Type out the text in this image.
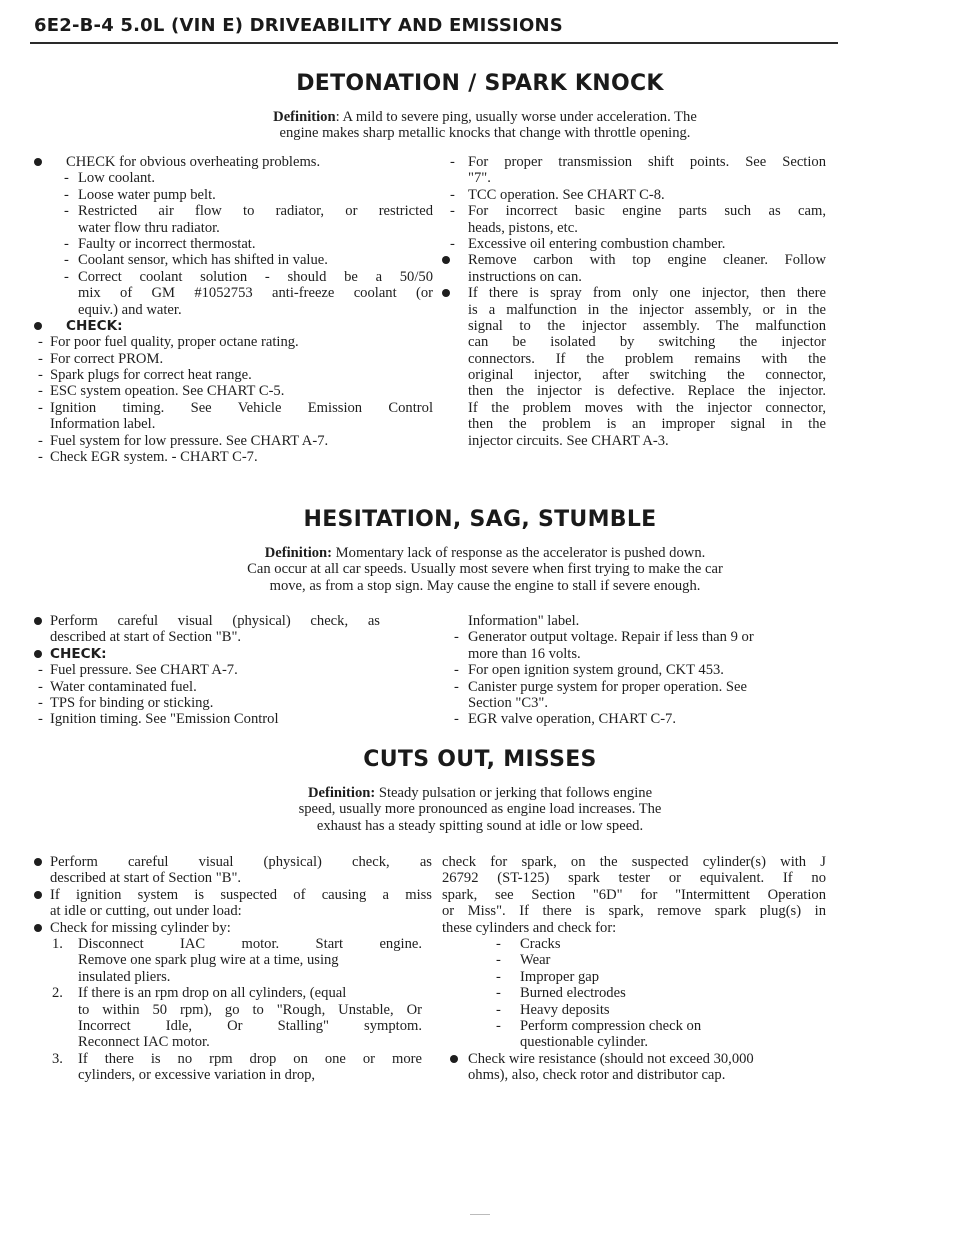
6E2-B-4 5.0L (VIN E) DRIVEABILITY AND EMISSIONS
DETONATION / SPARK KNOCK
Definition: A mild to severe ping, usually worse under acceleration. The
engine makes sharp metallic knocks that change with throttle opening.
CHECK for obvious overheating problems.
- Low coolant.
- Loose water pump belt.
- Restricted air flow to radiator, or restricted
water flow thru radiator.
- Faulty or incorrect thermostat.
- Coolant sensor, which has shifted in value.
- Correct coolant solution - should be a 50/50
mix of GM #1052753 anti-freeze coolant (or
equiv.) and water.
CHECK:
- For poor fuel quality, proper octane rating.
- For correct PROM.
- Spark plugs for correct heat range.
- ESC system opeation. See CHART C-5.
- Ignition timing. See Vehicle Emission Control
Information label.
- Fuel system for low pressure. See CHART A-7.
- Check EGR system. - CHART C-7.
- For proper transmission shift points. See Section
"7".
- TCC operation. See CHART C-8.
- For incorrect basic engine parts such as cam,
heads, pistons, etc.
- Excessive oil entering combustion chamber.
Remove carbon with top engine cleaner. Follow
instructions on can.
If there is spray from only one injector, then there
is a malfunction in the injector assembly, or in the
signal to the injector assembly. The malfunction
can be isolated by switching the injector
connectors. If the problem remains with the
original injector, after switching the connector,
then the injector is defective. Replace the injector.
If the problem moves with the injector connector,
then the problem is an improper signal in the
injector circuits. See CHART A-3.
HESITATION, SAG, STUMBLE
Definition: Momentary lack of response as the accelerator is pushed down.
Can occur at all car speeds. Usually most severe when first trying to make the car
move, as from a stop sign. May cause the engine to stall if severe enough.
Perform careful visual (physical) check, as
described at start of Section "B".
CHECK:
- Fuel pressure. See CHART A-7.
- Water contaminated fuel.
- TPS for binding or sticking.
- Ignition timing. See "Emission Control
Information" label.
- Generator output voltage. Repair if less than 9 or
more than 16 volts.
- For open ignition system ground, CKT 453.
- Canister purge system for proper operation. See
Section "C3".
- EGR valve operation, CHART C-7.
CUTS OUT, MISSES
Definition: Steady pulsation or jerking that follows engine
speed, usually more pronounced as engine load increases. The
exhaust has a steady spitting sound at idle or low speed.
Perform careful visual (physical) check, as
described at start of Section "B".
If ignition system is suspected of causing a miss
at idle or cutting, out under load:
Check for missing cylinder by:
1. Disconnect IAC motor. Start engine.
Remove one spark plug wire at a time, using
insulated pliers.
2. If there is an rpm drop on all cylinders, (equal
to within 50 rpm), go to "Rough, Unstable, Or
Incorrect Idle, Or Stalling" symptom.
Reconnect IAC motor.
3. If there is no rpm drop on one or more
cylinders, or excessive variation in drop,
check for spark, on the suspected cylinder(s) with J
26792 (ST-125) spark tester or equivalent. If no
spark, see Section "6D" for "Intermittent Operation
or Miss". If there is spark, remove spark plug(s) in
these cylinders and check for:
- Cracks
- Wear
- Improper gap
- Burned electrodes
- Heavy deposits
- Perform compression check on
questionable cylinder.
Check wire resistance (should not exceed 30,000
ohms), also, check rotor and distributor cap.
